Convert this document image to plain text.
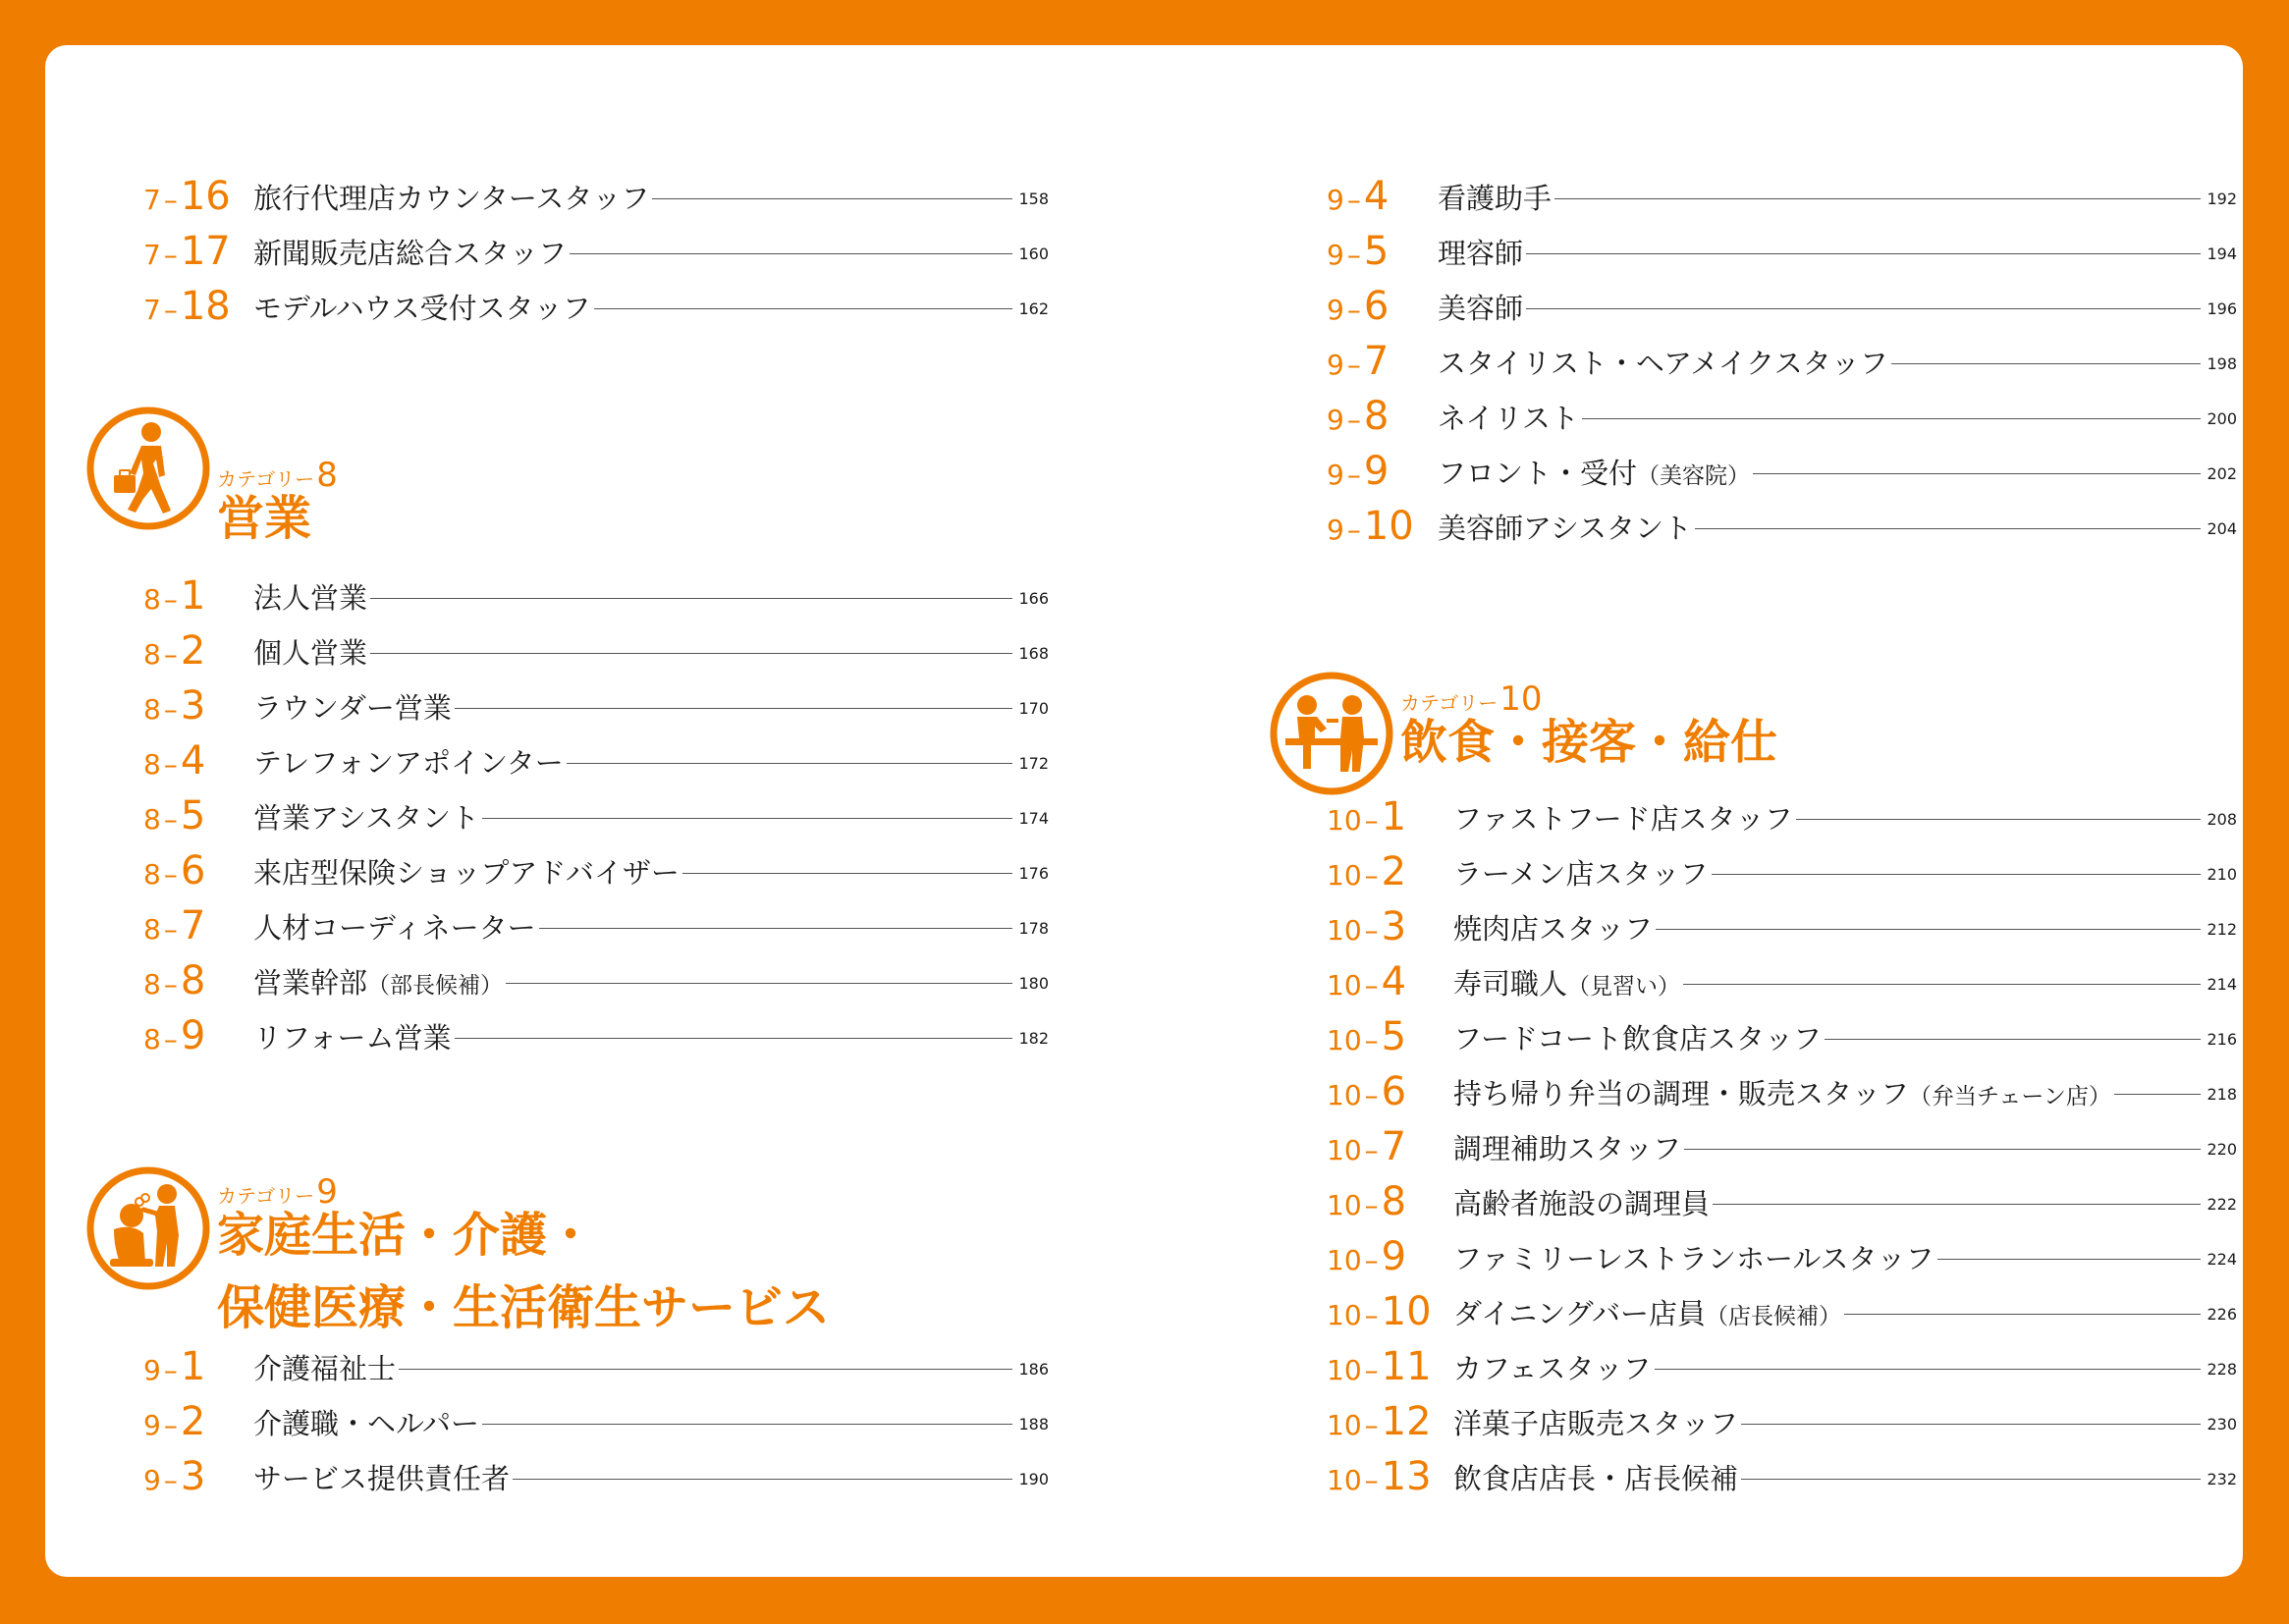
7 – 16 旅行代理店カウンタースタッフ	158
7 – 17 新聞販売店総合スタッフ	160
7 – 18 モデルハウス受付スタッフ	162
カテゴリー8
営業
8 – 1 法人営業	166
8 – 2 個人営業	168
8 – 3 ラウンダー営業	170
8 – 4 テレフォンアポインター	172
8 – 5 営業アシスタント	174
8 – 6 来店型保険ショップアドバイザー	176
8 – 7 人材コーディネーター	178
8 – 8 営業幹部（部長候補）	180
8 – 9 リフォーム営業	182
カテゴリー9
家庭生活・介護・
保健医療・生活衛生サービス
9 – 1 介護福祉士	186
9 – 2 介護職・ヘルパー	188
9 – 3 サービス提供責任者	190
9 – 4 看護助手	192
9 – 5 理容師	194
9 – 6 美容師	196
9 – 7 スタイリスト・ヘアメイクスタッフ	198
9 – 8 ネイリスト	200
9 – 9 フロント・受付（美容院）	202
9 – 10 美容師アシスタント	204
カテゴリー10
飲食・接客・給仕
10 – 1 ファストフード店スタッフ	208
10 – 2 ラーメン店スタッフ	210
10 – 3 焼肉店スタッフ	212
10 – 4 寿司職人（見習い）	214
10 – 5 フードコート飲食店スタッフ	216
10 – 6 持ち帰り弁当の調理・販売スタッフ（弁当チェーン店）	218
10 – 7 調理補助スタッフ	220
10 – 8 高齢者施設の調理員	222
10 – 9 ファミリーレストランホールスタッフ	224
10 – 10 ダイニングバー店員（店長候補）	226
10 – 11 カフェスタッフ	228
10 – 12 洋菓子店販売スタッフ	230
10 – 13 飲食店店長・店長候補	232
